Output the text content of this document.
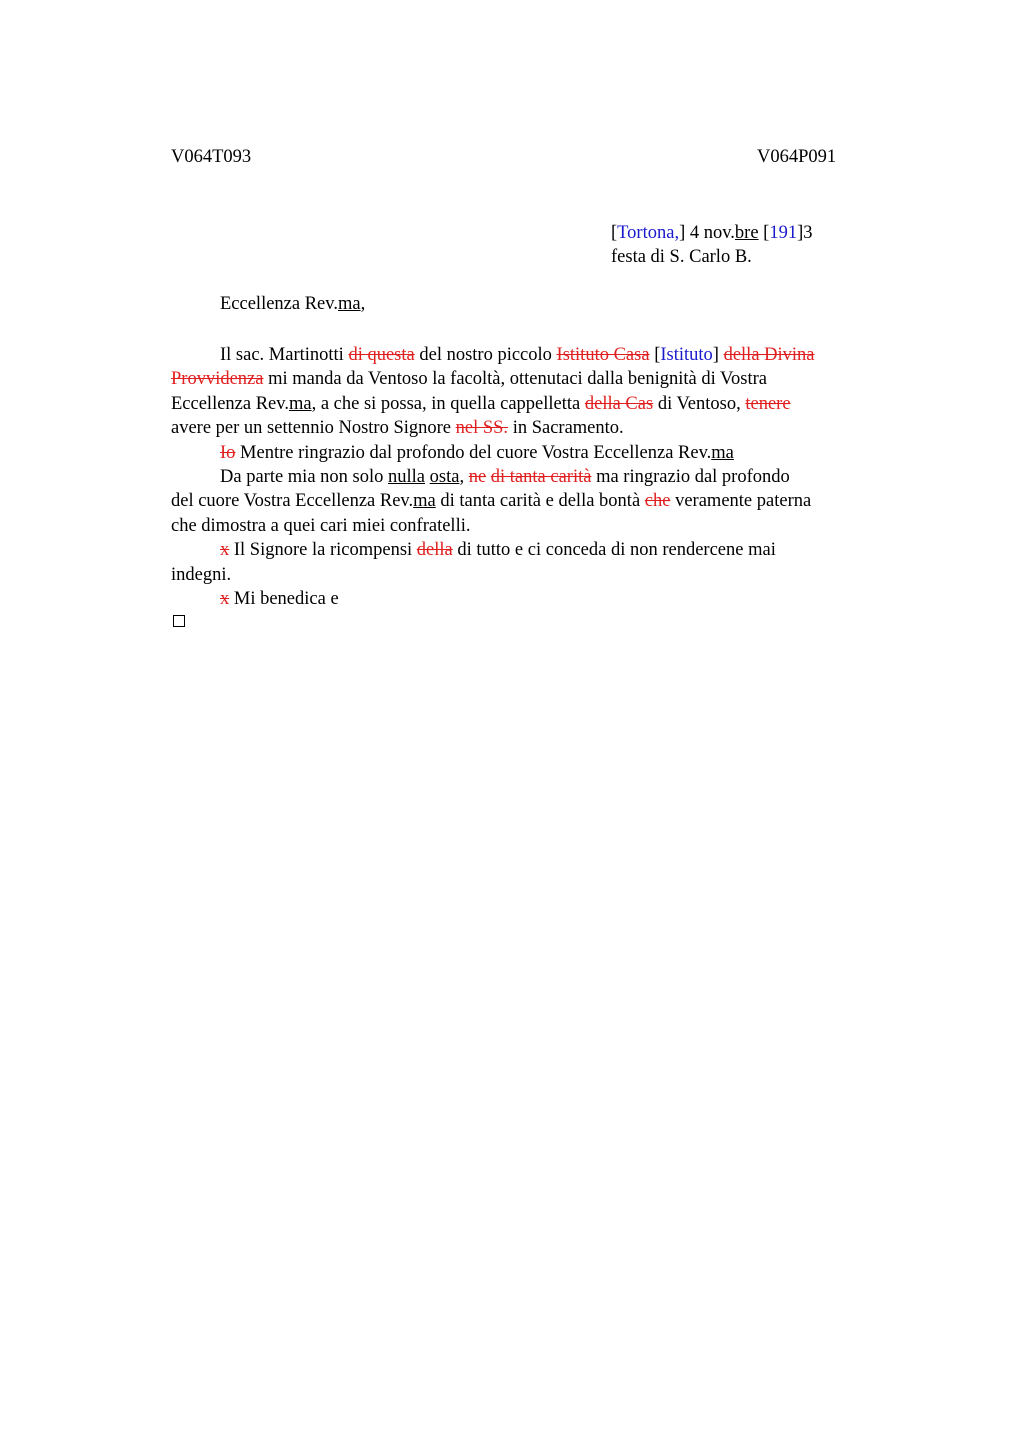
V064T093	V064P091
[Tortona,] 4 nov.bre [191]3
festa di S. Carlo B.
Eccellenza Rev.ma,

Il sac. Martinotti di questa del nostro piccolo Istituto Casa [Istituto] della Divina

Provvidenza mi manda da Ventoso la facoltà, ottenutaci dalla benignità di Vostra

Eccellenza Rev.ma, a che si possa, in quella cappelletta della Cas di Ventoso, tenere

avere per un settennio Nostro Signore nel SS. in Sacramento.

Io Mentre ringrazio dal profondo del cuore Vostra Eccellenza Rev.ma

Da parte mia non solo nulla osta, ne di tanta carità ma ringrazio dal profondo

del cuore Vostra Eccellenza Rev.ma di tanta carità e della bontà che veramente paterna

che dimostra a quei cari miei confratelli.

x Il Signore la ricompensi della di tutto e ci conceda di non rendercene mai

indegni.

x Mi benedica e
